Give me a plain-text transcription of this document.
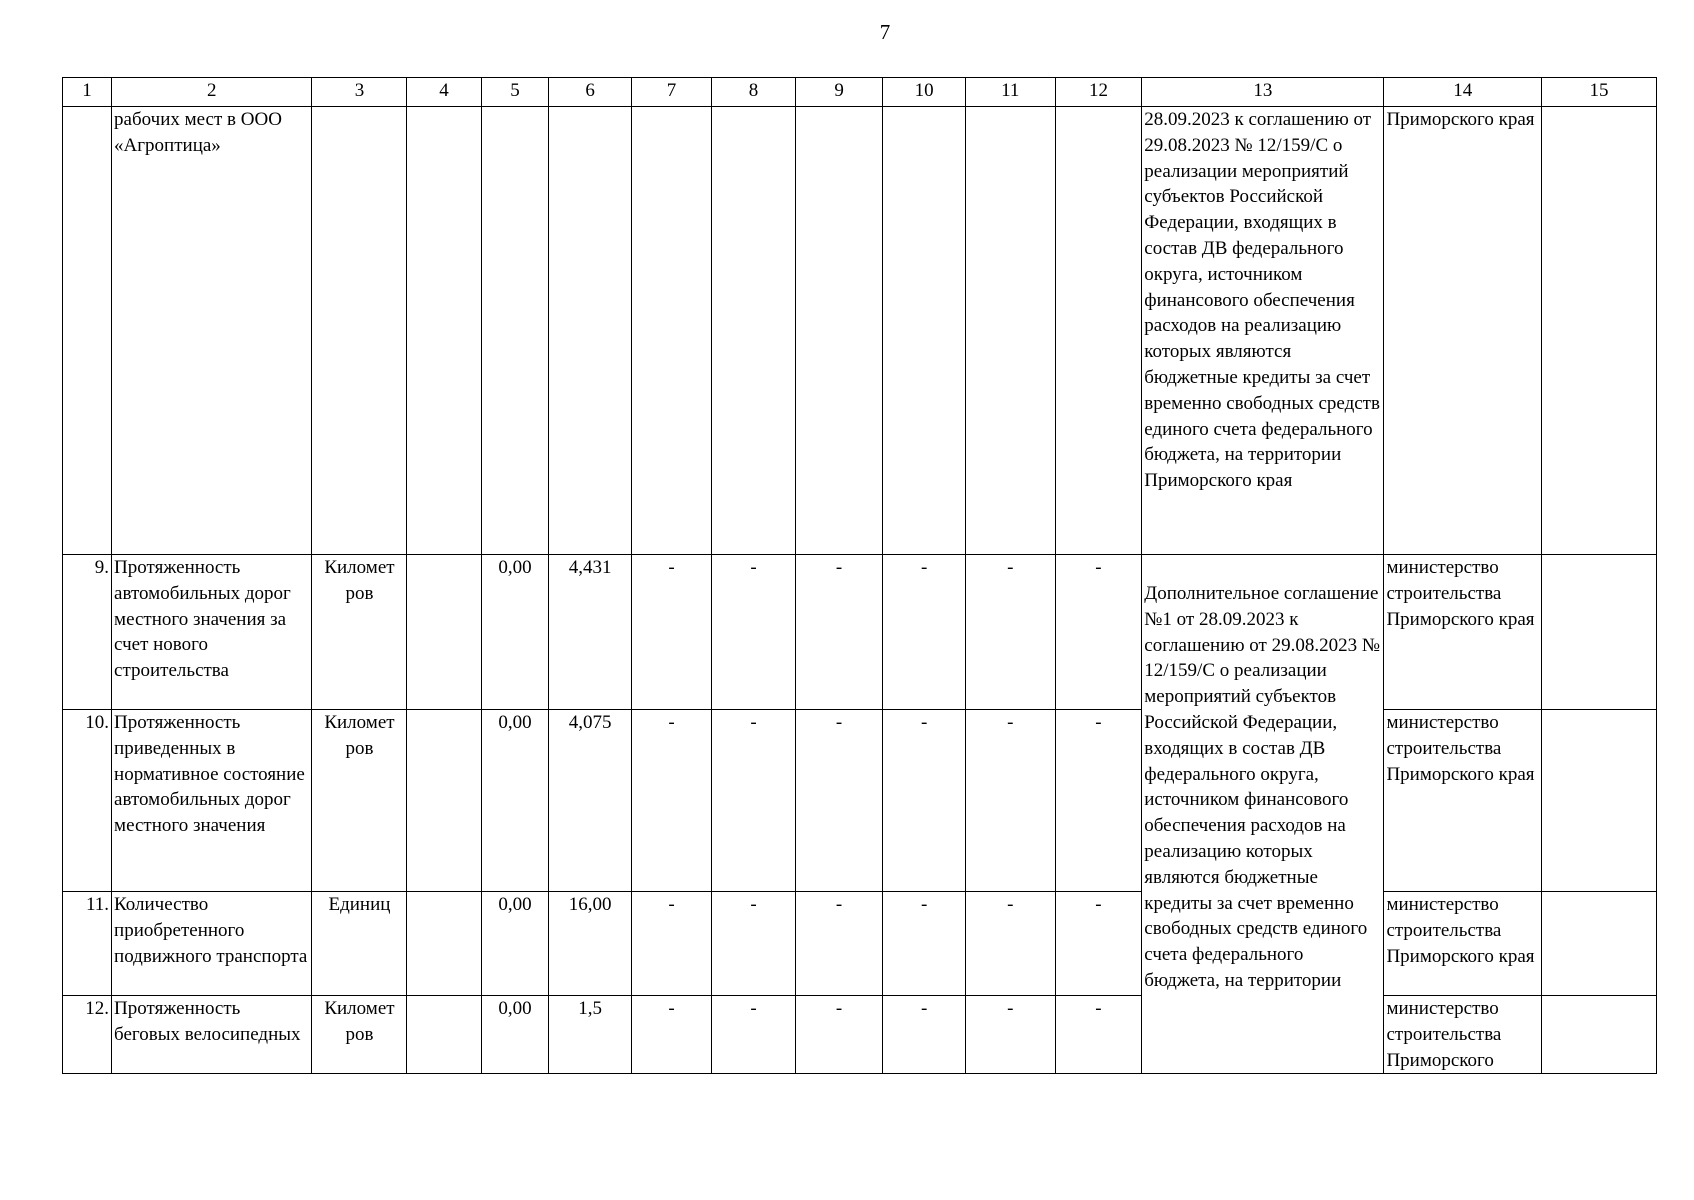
7
1	2	3	4	5	6	7	8	9	10	11	12	13	14	15
	рабочих мест в ООО «Агроптица»											28.09.2023 к соглашению от 29.08.2023 № 12/159/С о реализации мероприятий субъектов Российской Федерации, входящих в состав ДВ федерального округа, источником финансового обеспечения расходов на реализацию которых являются бюджетные кредиты за счет временно свободных средств единого счета федерального бюджета, на территории Приморского края	Приморского края	
9.	Протяженность автомобильных дорог местного значения за счет нового строительства	Километ ров		0,00	4,431	-	-	-	-	-	-	Дополнительное соглашение №1 от 28.09.2023 к соглашению от 29.08.2023 № 12/159/С о реализации мероприятий субъектов Российской Федерации, входящих в состав ДВ федерального округа, источником финансового обеспечения расходов на реализацию которых являются бюджетные кредиты за счет временно свободных средств единого счета федерального бюджета, на территории	министерство строительства Приморского края	
10.	Протяженность приведенных в нормативное состояние автомобильных дорог местного значения	Километ ров		0,00	4,075	-	-	-	-	-	-		министерство строительства Приморского края	
11.	Количество приобретенного подвижного транспорта	Единиц		0,00	16,00	-	-	-	-	-	-		министерство строительства Приморского края	
12.	Протяженность беговых велосипедных	Километ ров		0,00	1,5	-	-	-	-	-	-		министерство строительства Приморского	
